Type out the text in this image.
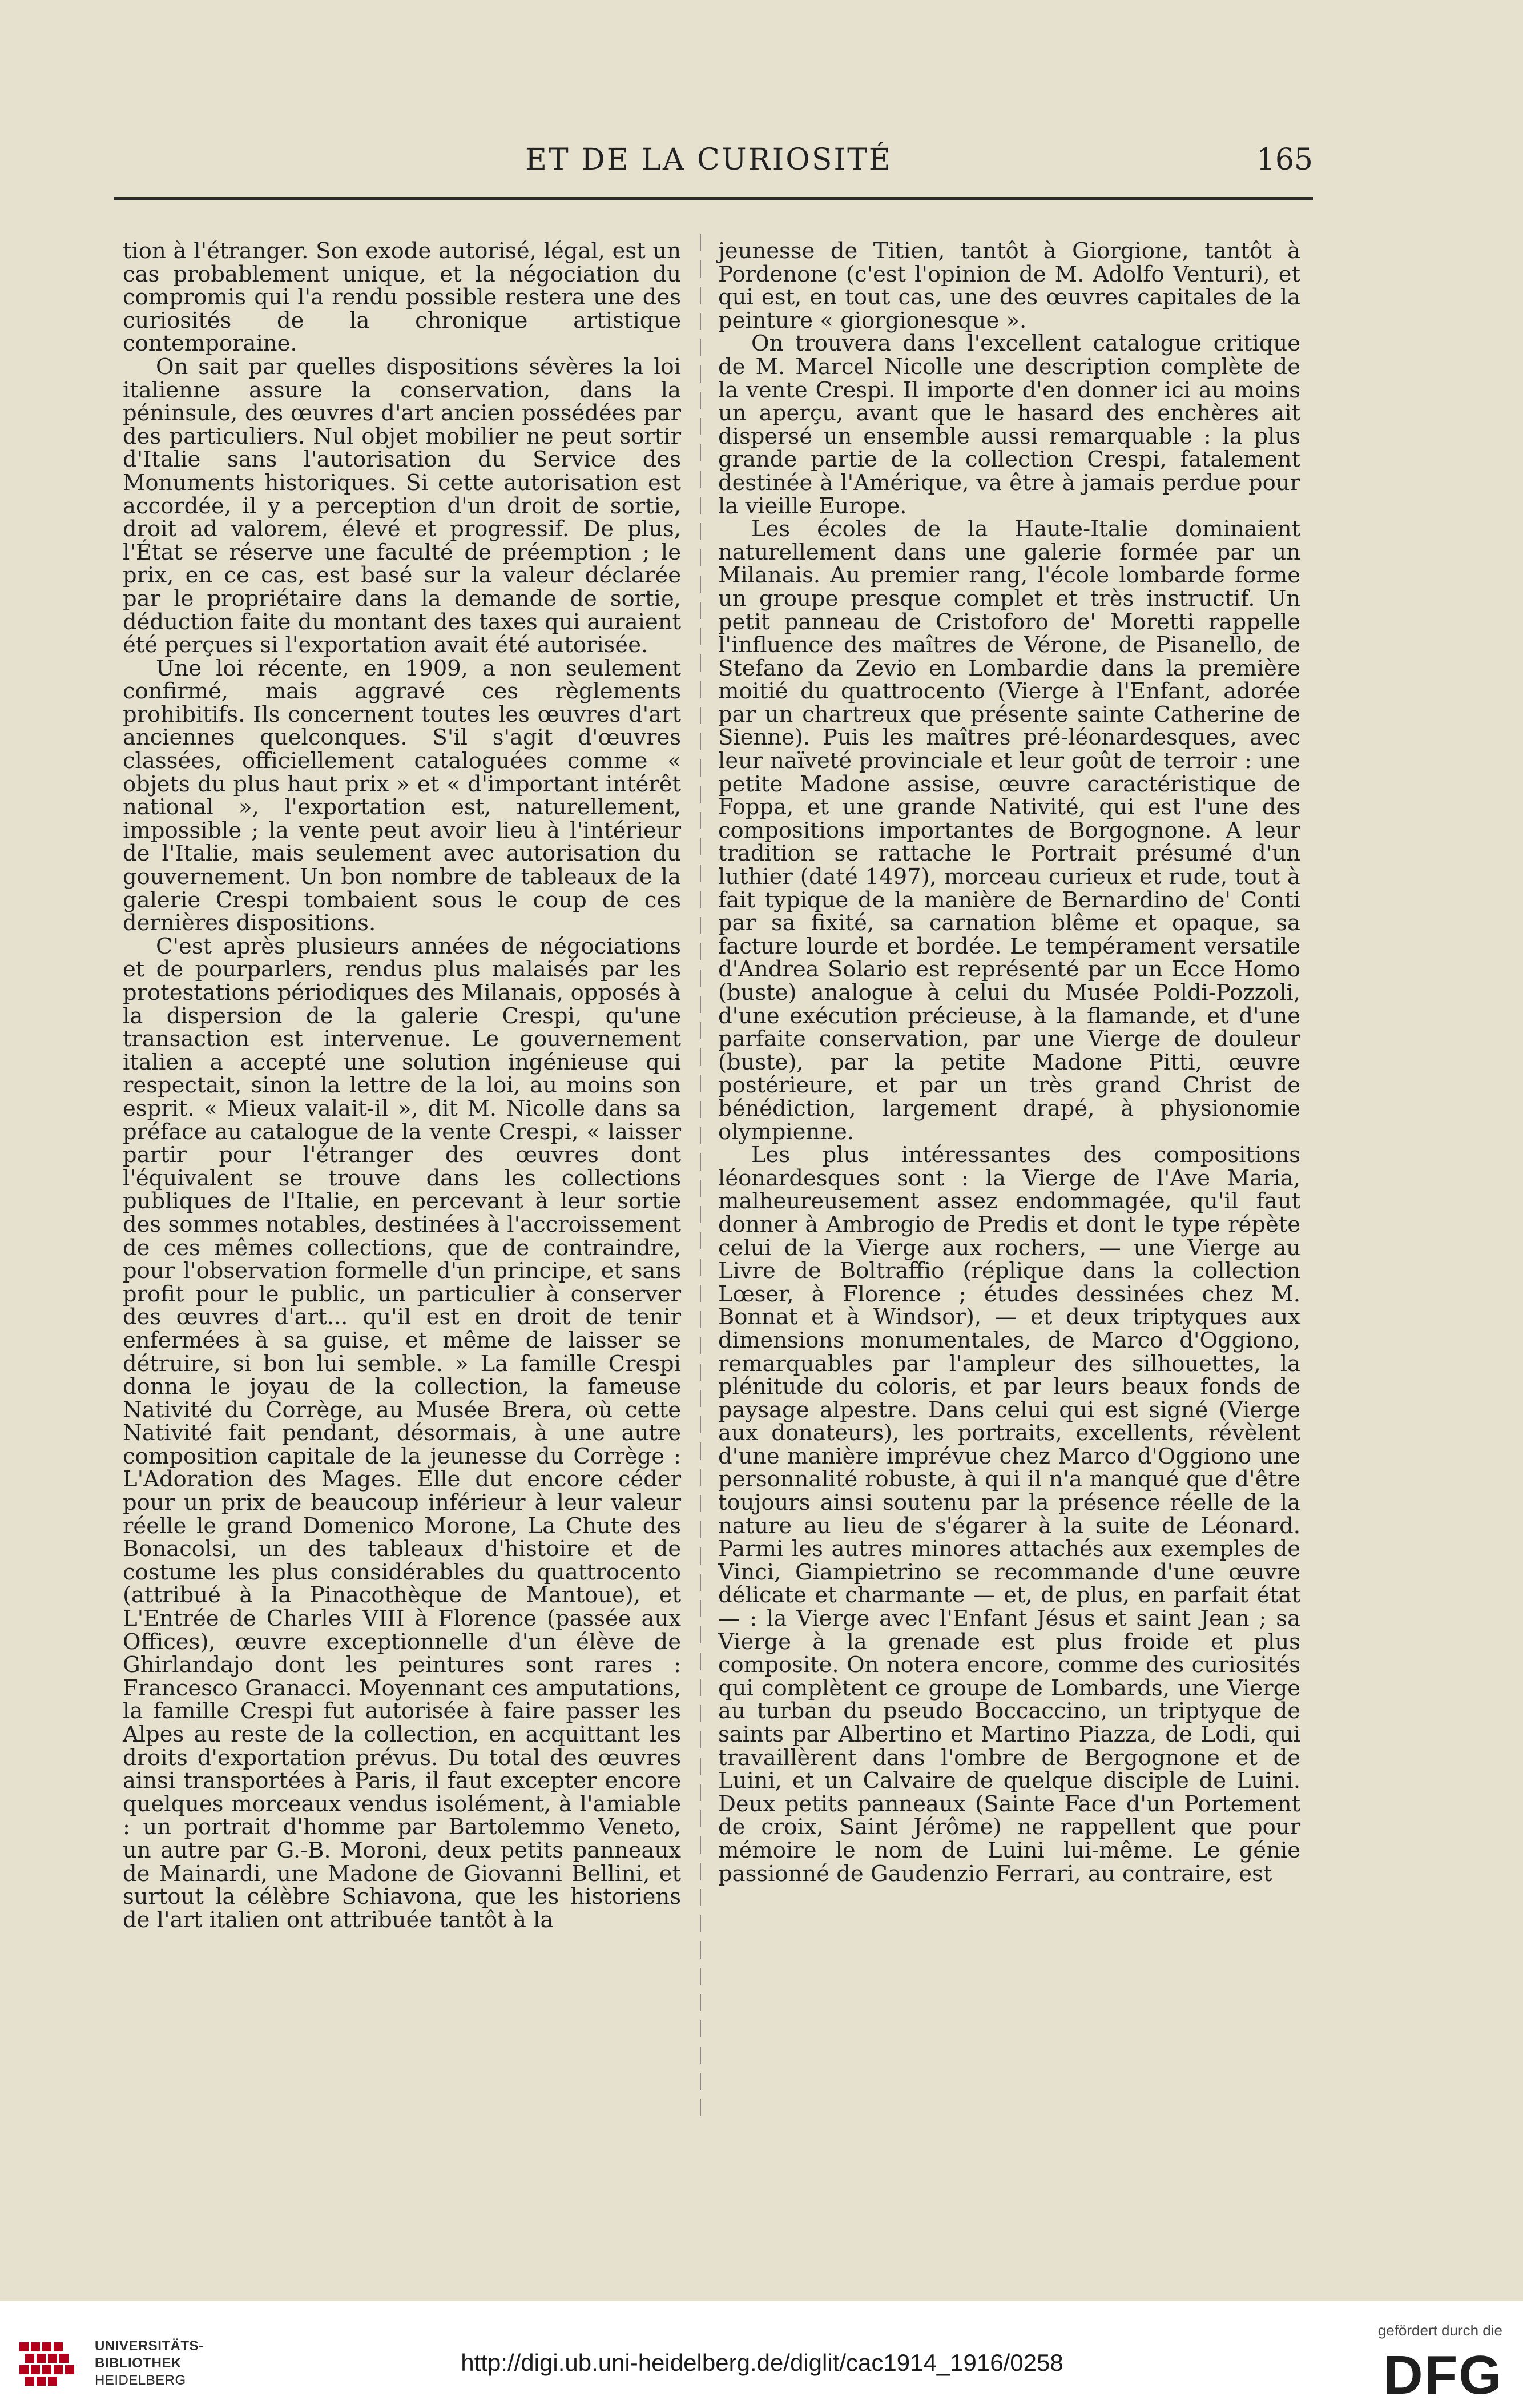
ET DE LA CURIOSITÉ	165

tion à l'étranger. Son exode autorisé, légal, est un cas probablement unique, et la négociation du compromis qui l'a rendu possible restera une des curiosités de la chronique artistique contemporaine.

On sait par quelles dispositions sévères la loi italienne assure la conservation, dans la péninsule, des œuvres d'art ancien possédées par des particuliers. Nul objet mobilier ne peut sortir d'Italie sans l'autorisation du Service des Monuments historiques. Si cette autorisation est accordée, il y a perception d'un droit de sortie, droit ad valorem, élevé et progressif. De plus, l'État se réserve une faculté de préemption ; le prix, en ce cas, est basé sur la valeur déclarée par le propriétaire dans la demande de sortie, déduction faite du montant des taxes qui auraient été perçues si l'exportation avait été autorisée.

Une loi récente, en 1909, a non seulement confirmé, mais aggravé ces règlements prohibitifs. Ils concernent toutes les œuvres d'art anciennes quelconques. S'il s'agit d'œuvres classées, officiellement cataloguées comme « objets du plus haut prix » et « d'important intérêt national », l'exportation est, naturellement, impossible ; la vente peut avoir lieu à l'intérieur de l'Italie, mais seulement avec autorisation du gouvernement. Un bon nombre de tableaux de la galerie Crespi tombaient sous le coup de ces dernières dispositions.

C'est après plusieurs années de négociations et de pourparlers, rendus plus malaisés par les protestations périodiques des Milanais, opposés à la dispersion de la galerie Crespi, qu'une transaction est intervenue. Le gouvernement italien a accepté une solution ingénieuse qui respectait, sinon la lettre de la loi, au moins son esprit. « Mieux valait-il », dit M. Nicolle dans sa préface au catalogue de la vente Crespi, « laisser partir pour l'étranger des œuvres dont l'équivalent se trouve dans les collections publiques de l'Italie, en percevant à leur sortie des sommes notables, destinées à l'accroissement de ces mêmes collections, que de contraindre, pour l'observation formelle d'un principe, et sans profit pour le public, un particulier à conserver des œuvres d'art... qu'il est en droit de tenir enfermées à sa guise, et même de laisser se détruire, si bon lui semble. » La famille Crespi donna le joyau de la collection, la fameuse Nativité du Corrège, au Musée Brera, où cette Nativité fait pendant, désormais, à une autre composition capitale de la jeunesse du Corrège : L'Adoration des Mages. Elle dut encore céder pour un prix de beaucoup inférieur à leur valeur réelle le grand Domenico Morone, La Chute des Bonacolsi, un des tableaux d'histoire et de costume les plus considérables du quattrocento (attribué à la Pinacothèque de Mantoue), et L'Entrée de Charles VIII à Florence (passée aux Offices), œuvre exceptionnelle d'un élève de Ghirlandajo dont les peintures sont rares : Francesco Granacci. Moyennant ces amputations, la famille Crespi fut autorisée à faire passer les Alpes au reste de la collection, en acquittant les droits d'exportation prévus. Du total des œuvres ainsi transportées à Paris, il faut excepter encore quelques morceaux vendus isolément, à l'amiable : un portrait d'homme par Bartolemmo Veneto, un autre par G.-B. Moroni, deux petits panneaux de Mainardi, une Madone de Giovanni Bellini, et surtout la célèbre Schiavona, que les historiens de l'art italien ont attribuée tantôt à la

jeunesse de Titien, tantôt à Giorgione, tantôt à Pordenone (c'est l'opinion de M. Adolfo Venturi), et qui est, en tout cas, une des œuvres capitales de la peinture « giorgionesque ».

On trouvera dans l'excellent catalogue critique de M. Marcel Nicolle une description complète de la vente Crespi. Il importe d'en donner ici au moins un aperçu, avant que le hasard des enchères ait dispersé un ensemble aussi remarquable : la plus grande partie de la collection Crespi, fatalement destinée à l'Amérique, va être à jamais perdue pour la vieille Europe.

Les écoles de la Haute-Italie dominaient naturellement dans une galerie formée par un Milanais. Au premier rang, l'école lombarde forme un groupe presque complet et très instructif. Un petit panneau de Cristoforo de' Moretti rappelle l'influence des maîtres de Vérone, de Pisanello, de Stefano da Zevio en Lombardie dans la première moitié du quattrocento (Vierge à l'Enfant, adorée par un chartreux que présente sainte Catherine de Sienne). Puis les maîtres pré-léonardesques, avec leur naïveté provinciale et leur goût de terroir : une petite Madone assise, œuvre caractéristique de Foppa, et une grande Nativité, qui est l'une des compositions importantes de Borgognone. A leur tradition se rattache le Portrait présumé d'un luthier (daté 1497), morceau curieux et rude, tout à fait typique de la manière de Bernardino de' Conti par sa fixité, sa carnation blême et opaque, sa facture lourde et bordée. Le tempérament versatile d'Andrea Solario est représenté par un Ecce Homo (buste) analogue à celui du Musée Poldi-Pozzoli, d'une exécution précieuse, à la flamande, et d'une parfaite conservation, par une Vierge de douleur (buste), par la petite Madone Pitti, œuvre postérieure, et par un très grand Christ de bénédiction, largement drapé, à physionomie olympienne.

Les plus intéressantes des compositions léonardesques sont : la Vierge de l'Ave Maria, malheureusement assez endommagée, qu'il faut donner à Ambrogio de Predis et dont le type répète celui de la Vierge aux rochers, — une Vierge au Livre de Boltraffio (réplique dans la collection Lœser, à Florence ; études dessinées chez M. Bonnat et à Windsor), — et deux triptyques aux dimensions monumentales, de Marco d'Oggiono, remarquables par l'ampleur des silhouettes, la plénitude du coloris, et par leurs beaux fonds de paysage alpestre. Dans celui qui est signé (Vierge aux donateurs), les portraits, excellents, révèlent d'une manière imprévue chez Marco d'Oggiono une personnalité robuste, à qui il n'a manqué que d'être toujours ainsi soutenu par la présence réelle de la nature au lieu de s'égarer à la suite de Léonard. Parmi les autres minores attachés aux exemples de Vinci, Giampietrino se recommande d'une œuvre délicate et charmante — et, de plus, en parfait état — : la Vierge avec l'Enfant Jésus et saint Jean ; sa Vierge à la grenade est plus froide et plus composite. On notera encore, comme des curiosités qui complètent ce groupe de Lombards, une Vierge au turban du pseudo Boccaccino, un triptyque de saints par Albertino et Martino Piazza, de Lodi, qui travaillèrent dans l'ombre de Bergognone et de Luini, et un Calvaire de quelque disciple de Luini. Deux petits panneaux (Sainte Face d'un Portement de croix, Saint Jérôme) ne rappellent que pour mémoire le nom de Luini lui-même. Le génie passionné de Gaudenzio Ferrari, au contraire, est

UNIVERSITÄTS-
BIBLIOTHEK
HEIDELBERG
http://digi.ub.uni-heidelberg.de/diglit/cac1914_1916/0258
gefördert durch die
DFG
